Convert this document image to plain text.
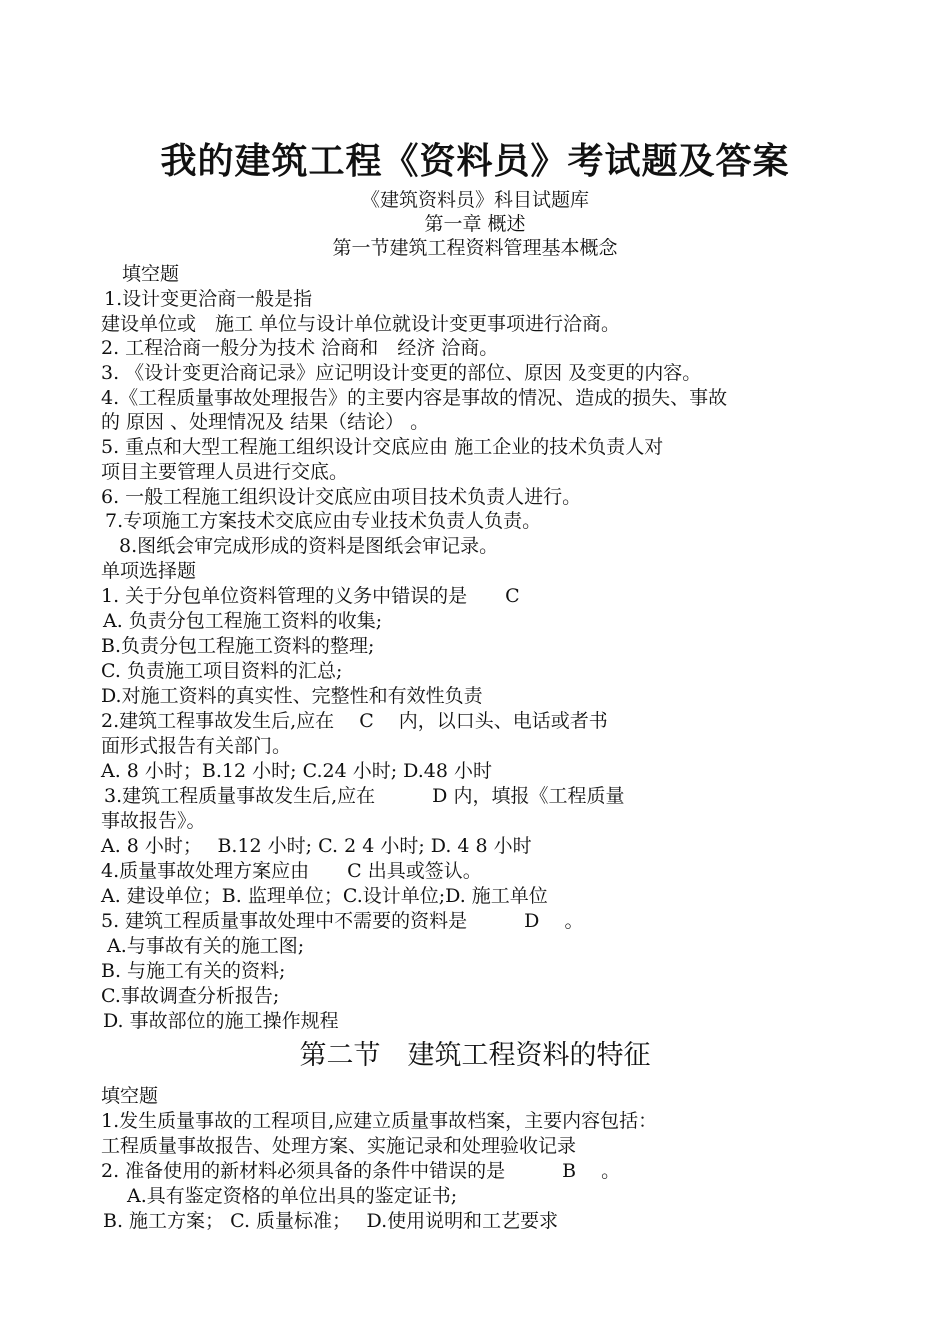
我的建筑工程《资料员》考试题及答案
《建筑资料员》科目试题库
第一章 概述
第一节建筑工程资料管理基本概念
填空题
1.设计变更洽商一般是指
建设单位或　施工 单位与设计单位就设计变更事项进行洽商。
2. 工程洽商一般分为技术 洽商和　经济 洽商。
3. 《设计变更洽商记录》应记明设计变更的部位、原因 及变更的内容。
4.《工程质量事故处理报告》的主要内容是事故的情况、造成的损失、事故
的 原因 、处理情况及 结果（结论） 。
5. 重点和大型工程施工组织设计交底应由 施工企业的技术负责人对
项目主要管理人员进行交底。
6. 一般工程施工组织设计交底应由项目技术负责人进行。
7.专项施工方案技术交底应由专业技术负责人负责。
8.图纸会审完成形成的资料是图纸会审记录。
单项选择题
1. 关于分包单位资料管理的义务中错误的是　　C
A. 负责分包工程施工资料的收集;
B.负责分包工程施工资料的整理;
C. 负责施工项目资料的汇总;
D.对施工资料的真实性、完整性和有效性负责
2.建筑工程事故发生后,应在　 C　 内，以口头、电话或者书
面形式报告有关部门。
A. 8 小时；B.12 小时; C.24 小时; D.48 小时
3.建筑工程质量事故发生后,应在　　　D 内，填报《工程质量
事故报告》。
A. 8 小时；　 B.12 小时; C. 2 4 小时; D. 4 8 小时
4.质量事故处理方案应由　　C 出具或签认。
A. 建设单位；B. 监理单位；C.设计单位;D. 施工单位
5. 建筑工程质量事故处理中不需要的资料是　　　D　 。
A.与事故有关的施工图;
B. 与施工有关的资料;
C.事故调查分析报告;
D. 事故部位的施工操作规程
第二节　建筑工程资料的特征
填空题
1.发生质量事故的工程项目,应建立质量事故档案，主要内容包括：
工程质量事故报告、处理方案、实施记录和处理验收记录
2. 准备使用的新材料必须具备的条件中错误的是　　　B　 。
A.具有鉴定资格的单位出具的鉴定证书;
B. 施工方案； C. 质量标准；　 D.使用说明和工艺要求
